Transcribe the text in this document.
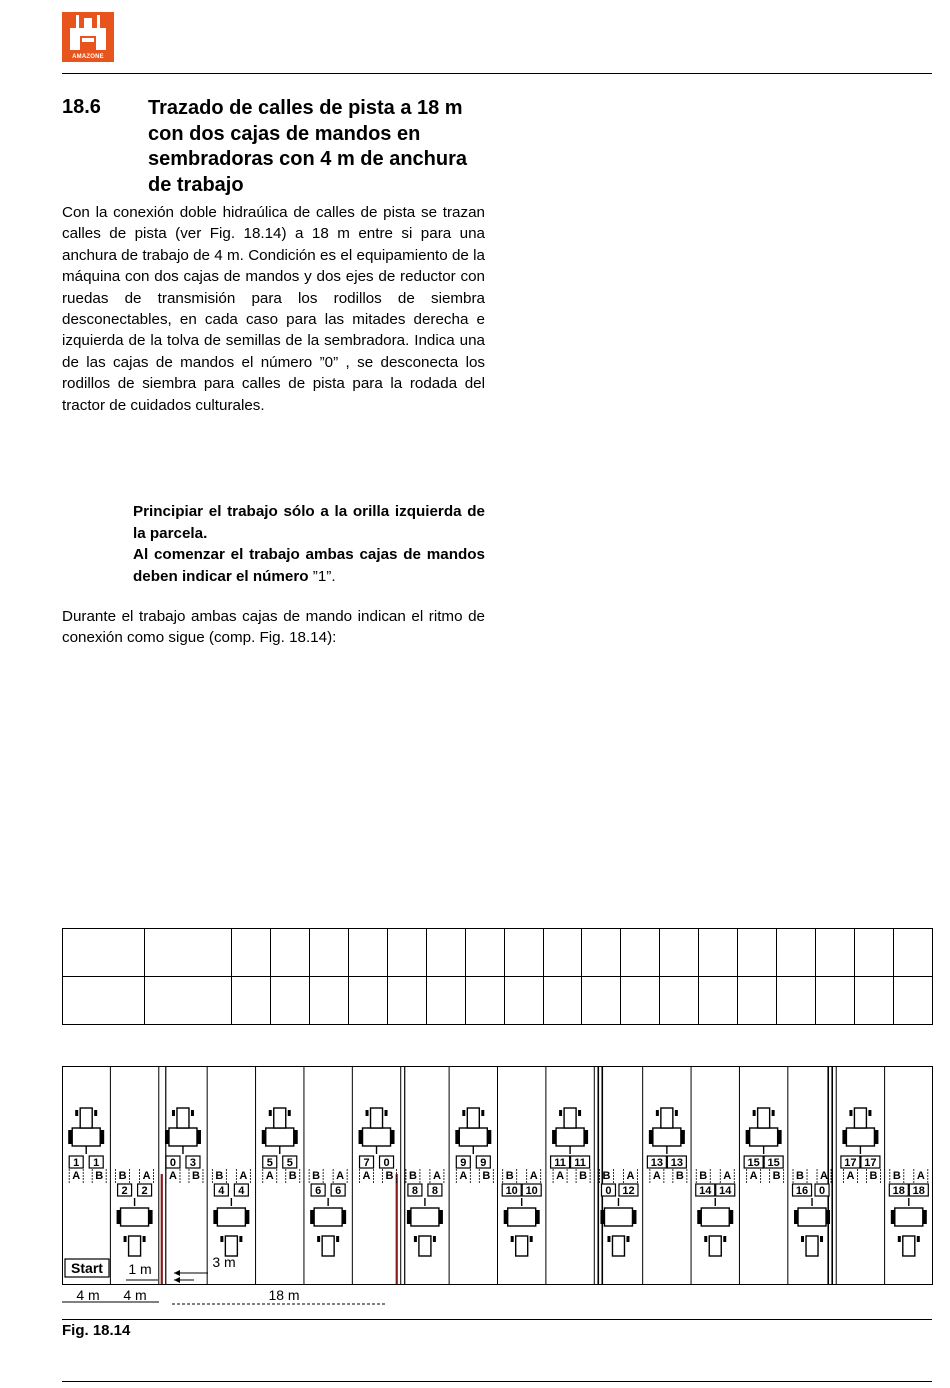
AMAZONE
18.6 Trazado de calles de pista a 18 m con dos cajas de mandos en sembradoras con 4 m de anchura de trabajo
Con la conexión doble hidraúlica de calles de pista se trazan calles de pista (ver Fig. 18.14) a 18 m entre si para una anchura de trabajo de 4 m. Condición es el equipamiento de la máquina con dos cajas de mandos y dos ejes de reductor con ruedas de transmisión para los rodillos de siembra desconectables, en cada caso para las mitades derecha e izquierda de la tolva de semillas de la sembradora. Indica una de las cajas de mandos el número ”0” , se desconecta los rodillos de siembra para calles de pista para la rodada del tractor de cuidados culturales.
Principiar el trabajo sólo a la orilla izquierda de la parcela.
Al comenzar el trabajo ambas cajas de mandos deben indicar el número ”1”.
Durante el trabajo ambas cajas de mando indican el ritmo de conexión como sigue (comp. Fig. 18.14):

1 1
A B B A
2 2
0 3
A B B A
4 4
5 5
A B B A
6 6
7 0
A B B A
8 8
9 9
A B B A
10 10
11 11
A B B A
0 12
13 13
A B B A
14 14
15 15
A B B A
16 0
17 17
A B B A
18 18
Start 1 m	3 m
4 m 4 m	18 m
Fig. 18.14
